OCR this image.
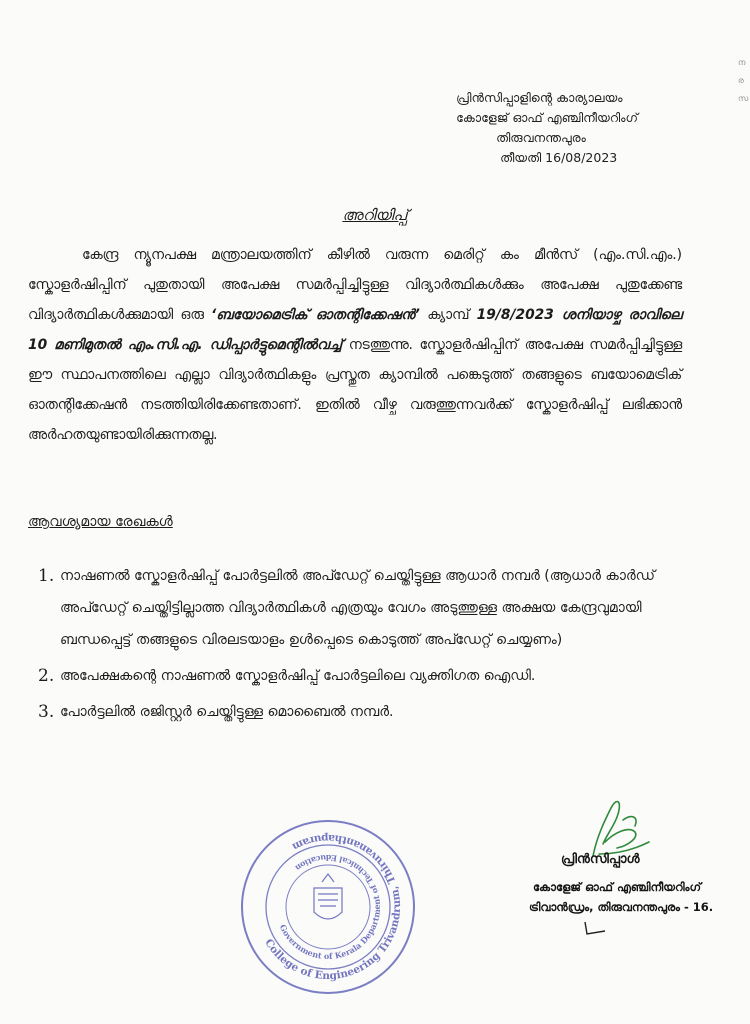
ന
ര
സ
പ്രിൻസിപ്പാളിന്റെ കാര്യാലയം
കോളേജ് ഓഫ് എഞ്ചിനീയറിംഗ്
തിരുവനന്തപുരം
തീയതി 16/08/2023
അറിയിപ്പ്

കേന്ദ്ര ന്യൂനപക്ഷ മന്ത്രാലയത്തിന് കീഴിൽ വരുന്ന മെരിറ്റ് കം മീൻസ് (എം.സി.എം.) സ്കോളർഷിപ്പിന് പുതുതായി അപേക്ഷ സമർപ്പിച്ചിട്ടുള്ള വിദ്യാർത്ഥികൾക്കും അപേക്ഷ പുതുക്കേണ്ട വിദ്യാർത്ഥികൾക്കുമായി ഒരു ‘ബയോമെട്രിക് ഓതന്റിക്കേഷൻ’ ക്യാമ്പ് 19/8/2023 ശനിയാഴ്ച രാവിലെ 10 മണിമുതൽ എം.സി.എ. ഡിപ്പാർട്ടുമെന്റിൽവച്ച് നടത്തുന്നു. സ്കോളർഷിപ്പിന് അപേക്ഷ സമർപ്പിച്ചിട്ടുള്ള ഈ സ്ഥാപനത്തിലെ എല്ലാ വിദ്യാർത്ഥികളും പ്രസ്തുത ക്യാമ്പിൽ പങ്കെടുത്ത് തങ്ങളുടെ ബയോമെട്രിക് ഓതന്റിക്കേഷൻ നടത്തിയിരിക്കേണ്ടതാണ്. ഇതിൽ വീഴ്ച വരുത്തുന്നവർക്ക് സ്കോളർഷിപ്പ് ലഭിക്കാൻ അർഹതയുണ്ടായിരിക്കുന്നതല്ല.

ആവശ്യമായ രേഖകൾ
1. നാഷണൽ സ്കോളർഷിപ്പ് പോർട്ടലിൽ അപ്ഡേറ്റ് ചെയ്തിട്ടുള്ള ആധാർ നമ്പർ (ആധാർ കാർഡ് അപ്ഡേറ്റ് ചെയ്തിട്ടില്ലാത്ത വിദ്യാർത്ഥികൾ എത്രയും വേഗം അടുത്തുള്ള അക്ഷയ കേന്ദ്രവുമായി ബന്ധപ്പെട്ട് തങ്ങളുടെ വിരലടയാളം ഉൾപ്പെടെ കൊടുത്ത് അപ്ഡേറ്റ് ചെയ്യണം)
2. അപേക്ഷകന്റെ നാഷണൽ സ്കോളർഷിപ്പ് പോർട്ടലിലെ വ്യക്തിഗത ഐഡി.
3. പോർട്ടലിൽ രജിസ്റ്റർ ചെയ്തിട്ടുള്ള മൊബൈൽ നമ്പർ.
College of Engineering Trivandrum, Thiruvananthapuram
Government of Kerala Department of Technical Education
പ്രിൻസിപ്പാൾ
കോളേജ് ഓഫ് എഞ്ചിനീയറിംഗ്
ട്രിവാൻഡ്രം, തിരുവനന്തപുരം - 16.
